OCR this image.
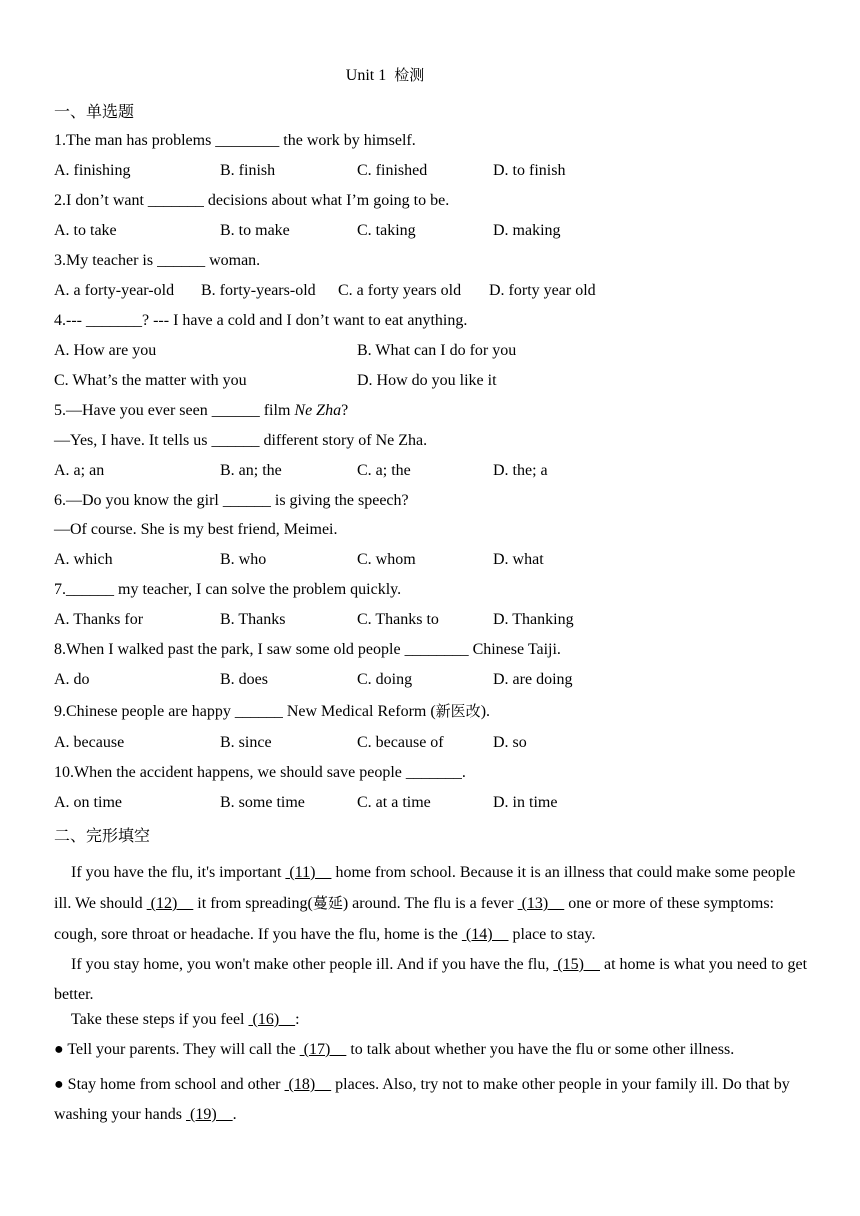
Unit 1 检测
一、单选题
1.The man has problems ________ the work by himself.
A. finishing	B. finish	C. finished	D. to finish
2.I don’t want _______ decisions about what I’m going to be.
A. to take	B. to make	C. taking	D. making
3.My teacher is ______ woman.
A. a forty-year-old B. forty-years-old C. a forty years old D. forty year old
4.--- _______? --- I have a cold and I don’t want to eat anything.
A. How are you	B. What can I do for you
C. What’s the matter with you	D. How do you like it
5.—Have you ever seen ______ film Ne Zha?
—Yes, I have. It tells us ______ different story of Ne Zha.
A. a; an	B. an; the	C. a; the	D. the; a
6.—Do you know the girl ______ is giving the speech?
—Of course. She is my best friend, Meimei.
A. which	B. who	C. whom	D. what
7.______ my teacher, I can solve the problem quickly.
A. Thanks for	B. Thanks	C. Thanks to	D. Thanking
8.When I walked past the park, I saw some old people ________ Chinese Taiji.
A. do	B. does	C. doing	D. are doing
9.Chinese people are happy ______ New Medical Reform (新医改).
A. because	B. since	C. because of	D. so
10.When the accident happens, we should save people _______.
A. on time	B. some time	C. at a time	D. in time
二、完形填空
If you have the flu, it's important  (11)     home from school. Because it is an illness that could make some people ill. We should  (12)     it from spreading(蔓延) around. The flu is a fever  (13)     one or more of these symptoms: cough, sore throat or headache. If you have the flu, home is the  (14)     place to stay.
If you stay home, you won't make other people ill. And if you have the flu,  (15)     at home is what you need to get better.
Take these steps if you feel  (16)    :
● Tell your parents. They will call the  (17)     to talk about whether you have the flu or some other illness.
● Stay home from school and other  (18)     places. Also, try not to make other people in your family ill. Do that by washing your hands  (19)    .
